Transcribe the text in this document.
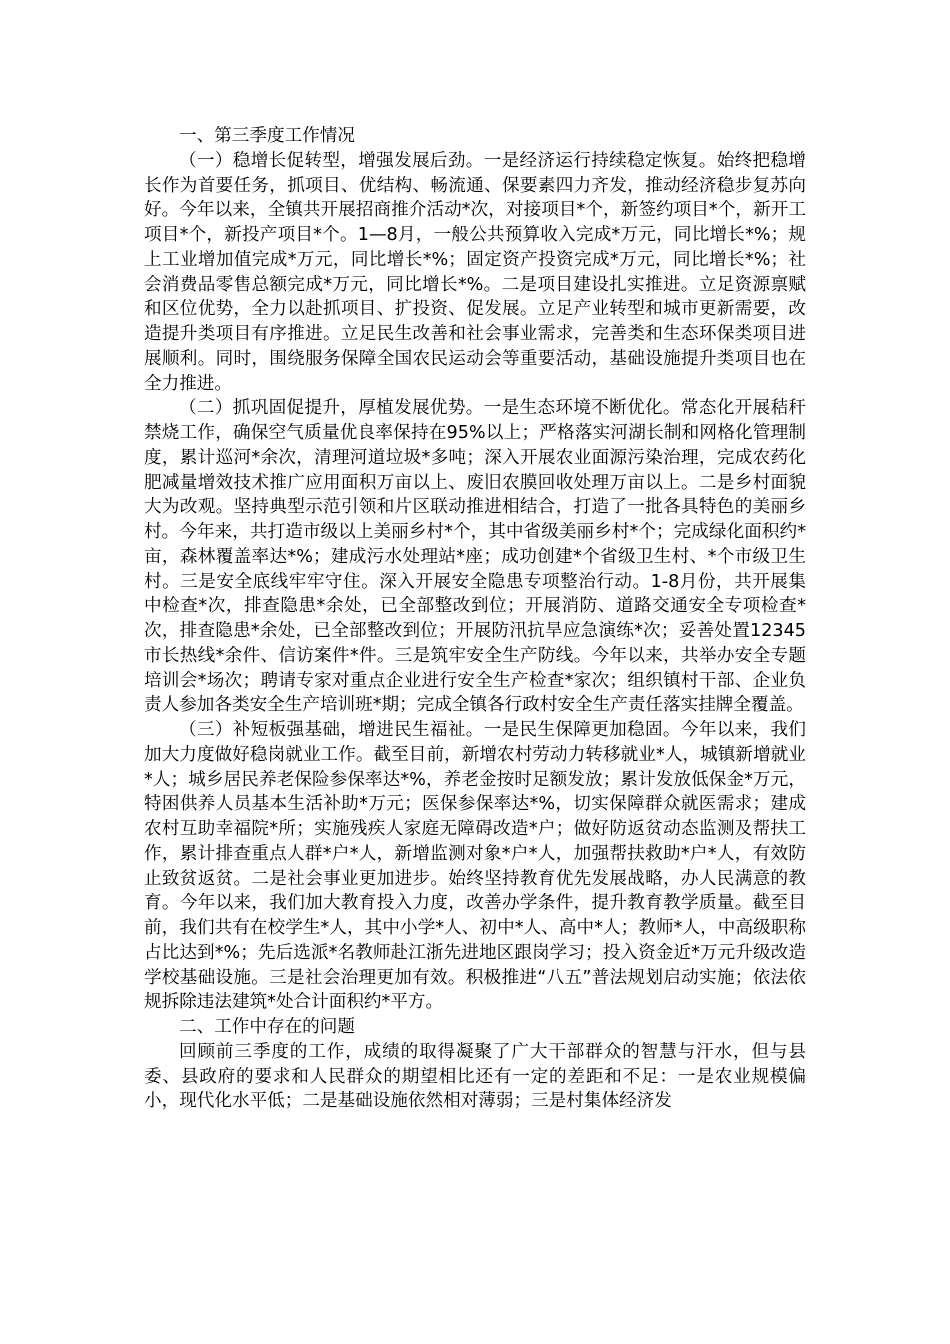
一、第三季度工作情况

（一）稳增长促转型，增强发展后劲。一是经济运行持续稳定恢复。始终把稳增长作为首要任务，抓项目、优结构、畅流通、保要素四力齐发，推动经济稳步复苏向好。今年以来，全镇共开展招商推介活动*次，对接项目*个，新签约项目*个，新开工项目*个，新投产项目*个。1—8月，一般公共预算收入完成*万元，同比增长*%；规上工业增加值完成*万元，同比增长*%；固定资产投资完成*万元，同比增长*%；社会消费品零售总额完成*万元，同比增长*%。二是项目建设扎实推进。立足资源禀赋和区位优势，全力以赴抓项目、扩投资、促发展。立足产业转型和城市更新需要，改造提升类项目有序推进。立足民生改善和社会事业需求，完善类和生态环保类项目进展顺利。同时，围绕服务保障全国农民运动会等重要活动，基础设施提升类项目也在全力推进。

（二）抓巩固促提升，厚植发展优势。一是生态环境不断优化。常态化开展秸秆禁烧工作，确保空气质量优良率保持在95%以上；严格落实河湖长制和网格化管理制度，累计巡河*余次，清理河道垃圾*多吨；深入开展农业面源污染治理，完成农药化肥减量增效技术推广应用面积万亩以上、废旧农膜回收处理万亩以上。二是乡村面貌大为改观。坚持典型示范引领和片区联动推进相结合，打造了一批各具特色的美丽乡村。今年来，共打造市级以上美丽乡村*个，其中省级美丽乡村*个；完成绿化面积约*亩，森林覆盖率达*%；建成污水处理站*座；成功创建*个省级卫生村、*个市级卫生村。三是安全底线牢牢守住。深入开展安全隐患专项整治行动。1-8月份，共开展集中检查*次，排查隐患*余处，已全部整改到位；开展消防、道路交通安全专项检查*次，排查隐患*余处，已全部整改到位；开展防汛抗旱应急演练*次；妥善处置12345市长热线*余件、信访案件*件。三是筑牢安全生产防线。今年以来，共举办安全专题培训会*场次；聘请专家对重点企业进行安全生产检查*家次；组织镇村干部、企业负责人参加各类安全生产培训班*期；完成全镇各行政村安全生产责任落实挂牌全覆盖。

（三）补短板强基础，增进民生福祉。一是民生保障更加稳固。今年以来，我们加大力度做好稳岗就业工作。截至目前，新增农村劳动力转移就业*人，城镇新增就业*人；城乡居民养老保险参保率达*%，养老金按时足额发放；累计发放低保金*万元，特困供养人员基本生活补助*万元；医保参保率达*%，切实保障群众就医需求；建成农村互助幸福院*所；实施残疾人家庭无障碍改造*户；做好防返贫动态监测及帮扶工作，累计排查重点人群*户*人，新增监测对象*户*人，加强帮扶救助*户*人，有效防止致贫返贫。二是社会事业更加进步。始终坚持教育优先发展战略，办人民满意的教育。今年以来，我们加大教育投入力度，改善办学条件，提升教育教学质量。截至目前，我们共有在校学生*人，其中小学*人、初中*人、高中*人；教师*人，中高级职称占比达到*%；先后选派*名教师赴江浙先进地区跟岗学习；投入资金近*万元升级改造学校基础设施。三是社会治理更加有效。积极推进“八五”普法规划启动实施；依法依规拆除违法建筑*处合计面积约*平方。

二、工作中存在的问题

回顾前三季度的工作，成绩的取得凝聚了广大干部群众的智慧与汗水，但与县委、县政府的要求和人民群众的期望相比还有一定的差距和不足：一是农业规模偏小，现代化水平低；二是基础设施依然相对薄弱；三是村集体经济发
